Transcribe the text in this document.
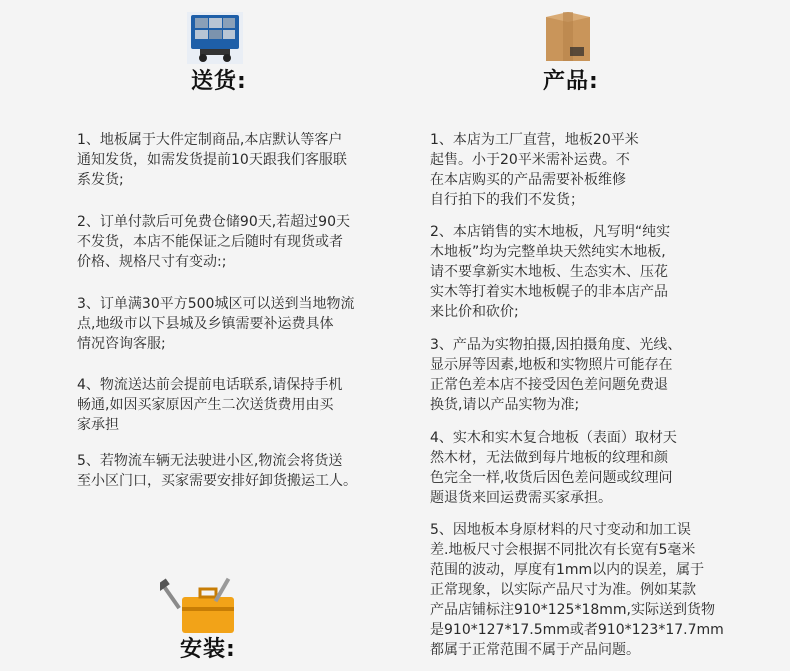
送货:	产品:
1、地板属于大件定制商品,本店默认等客户
通知发货，如需发货提前10天跟我们客服联
系发货;
2、订单付款后可免费仓储90天,若超过90天
不发货，本店不能保证之后随时有现货或者
价格、规格尺寸有变动:;
3、订单满30平方500城区可以送到当地物流
点,地级市以下县城及乡镇需要补运费具体
情况咨询客服;
4、物流送达前会提前电话联系,请保持手机
畅通,如因买家原因产生二次送货费用由买
家承担
5、若物流车辆无法驶进小区,物流会将货送
至小区门口，买家需要安排好卸货搬运工人。
1、本店为工厂直营，地板20平米
起售。小于20平米需补运费。不
在本店购买的产品需要补板维修
自行拍下的我们不发货；
2、本店销售的实木地板，凡写明“纯实
木地板”均为完整单块天然纯实木地板,
请不要拿新实木地板、生态实木、压花
实木等打着实木地板幌子的非本店产品
来比价和砍价;
3、产品为实物拍摄,因拍摄角度、光线、
显示屏等因素,地板和实物照片可能存在
正常色差本店不接受因色差问题免费退
换货,请以产品实物为准;
4、实木和实木复合地板（表面）取材天
然木材，无法做到每片地板的纹理和颜
色完全一样,收货后因色差问题或纹理问
题退货来回运费需买家承担。
5、因地板本身原材料的尺寸变动和加工误
差.地板尺寸会根据不同批次有长宽有5毫米
范围的波动，厚度有1mm以内的误差，属于
正常现象，以实际产品尺寸为准。例如某款
产品店铺标注910*125*18mm,实际送到货物
是910*127*17.5mm或者910*123*17.7mm
都属于正常范围不属于产品问题。
安装:
